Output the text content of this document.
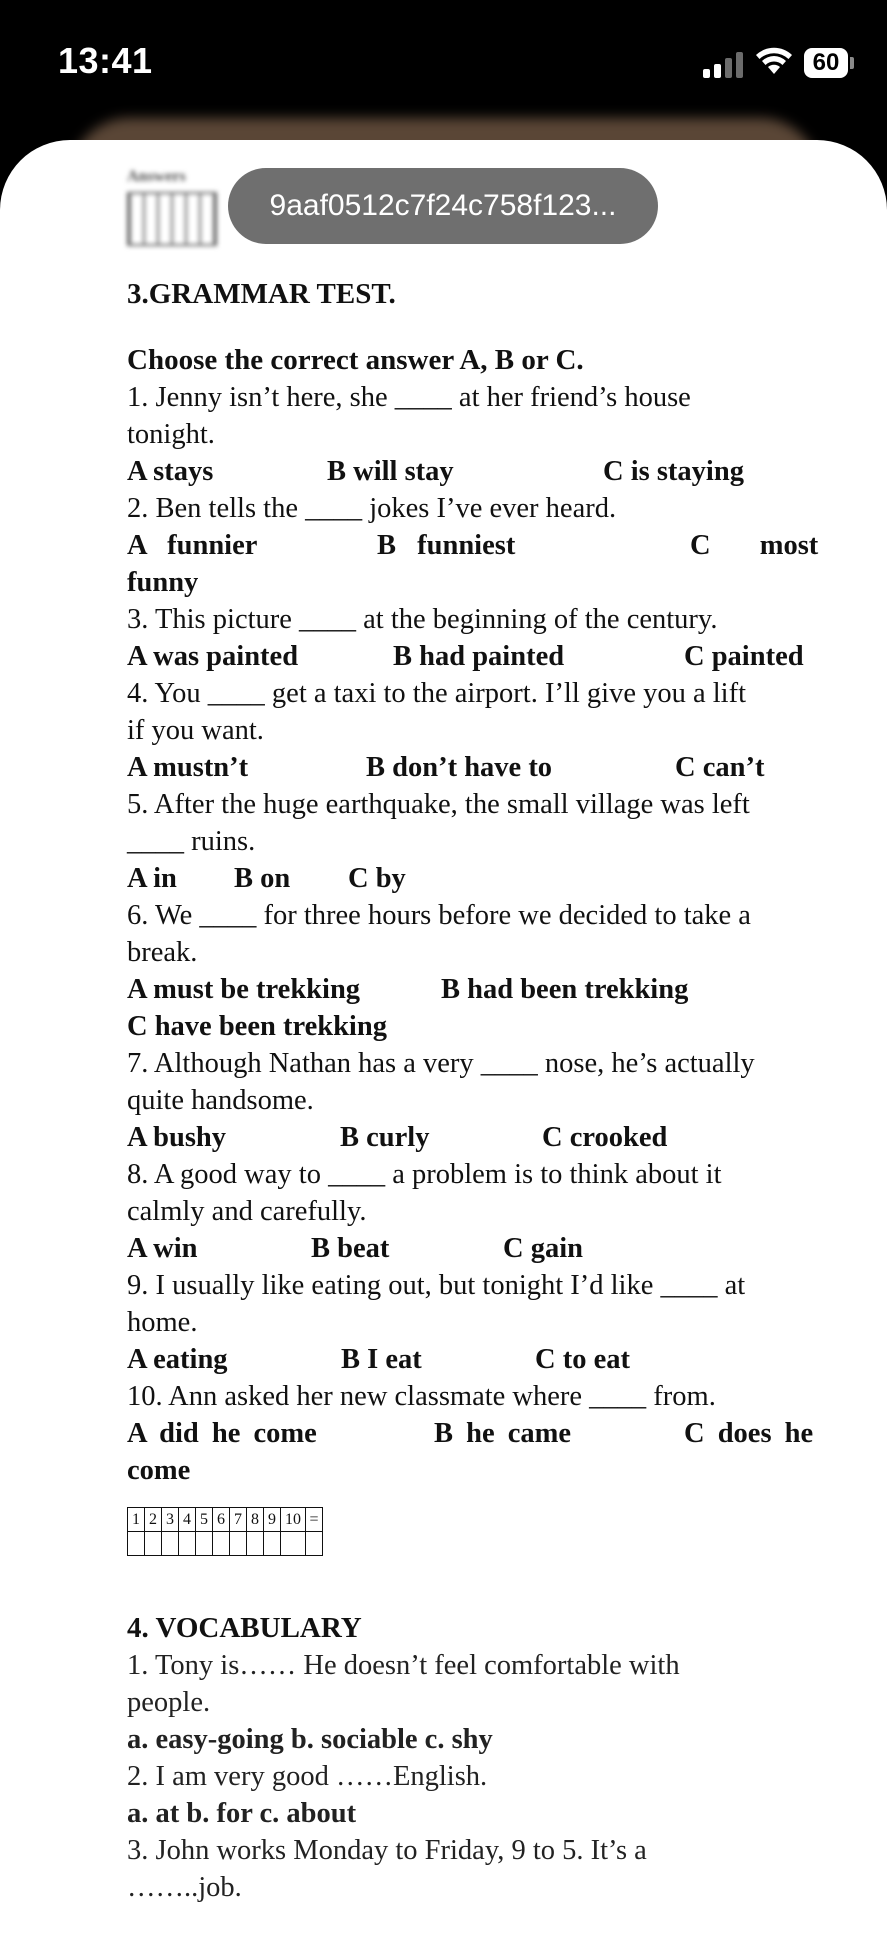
13:41	60
Answers
9aaf0512c7f24c758f123...
3.GRAMMAR TEST.
Choose the correct answer A, B or C.
1. Jenny isn’t here, she ____ at her friend’s house
tonight.
A stays	B will stay	C is staying
2. Ben tells the ____ jokes I’ve ever heard.
A funnier	B funniest	C most
funny
3. This picture ____ at the beginning of the century.
A was painted	B had painted	C painted
4. You ____ get a taxi to the airport. I’ll give you a lift
if you want.
A mustn’t	B don’t have to	C can’t
5. After the huge earthquake, the small village was left
____ ruins.
A in B on C by
6. We ____ for three hours before we decided to take a
break.
A must be trekking	B had been trekking
C have been trekking
7. Although Nathan has a very ____ nose, he’s actually
quite handsome.
A bushy	B curly	C crooked
8. A good way to ____ a problem is to think about it
calmly and carefully.
A win	B beat	C gain
9. I usually like eating out, but tonight I’d like ____ at
home.
A eating	B I eat	C to eat
10. Ann asked her new classmate where ____ from.
A did he come	B he came	C does he
come
1	2	3	4	5	6	7	8	9	10	=

4. VOCABULARY
1. Tony is…… He doesn’t feel comfortable with
people.
a. easy-going b. sociable c. shy
2. I am very good ……English.
a. at b. for c. about
3. John works Monday to Friday, 9 to 5. It’s a
……..job.
